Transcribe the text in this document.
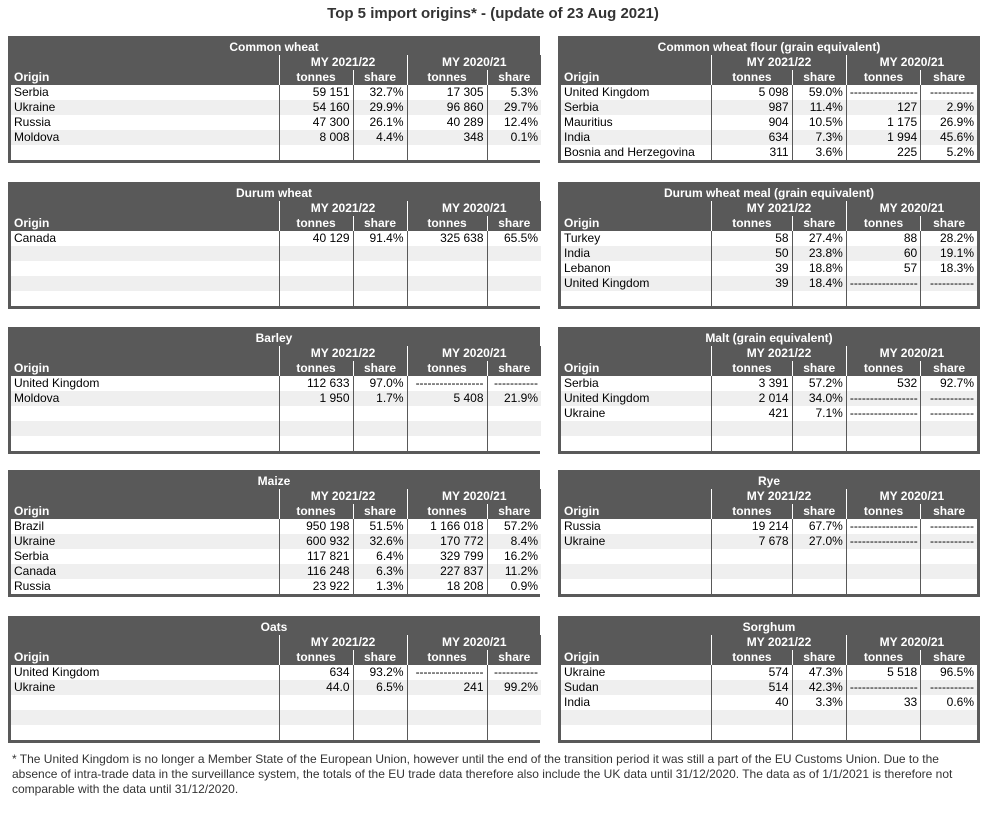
Top 5 import origins* - (update of 23 Aug 2021)
Common wheat
	MY 2021/22		MY 2020/21	
Origin	tonnes	share	tonnes	share
Serbia	59 151	32.7%	17 305	5.3%
Ukraine	54 160	29.9%	96 860	29.7%
Russia	47 300	26.1%	40 289	12.4%
Moldova	8 008	4.4%	348	0.1%

Common wheat flour (grain equivalent)
	MY 2021/22		MY 2020/21	
Origin	tonnes	share	tonnes	share
United Kingdom	5 098	59.0%	-----------------	-----------
Serbia	987	11.4%	127	2.9%
Mauritius	904	10.5%	1 175	26.9%
India	634	7.3%	1 994	45.6%
Bosnia and Herzegovina	311	3.6%	225	5.2%
Durum wheat
	MY 2021/22		MY 2020/21	
Origin	tonnes	share	tonnes	share
Canada	40 129	91.4%	325 638	65.5%

Durum wheat meal (grain equivalent)
	MY 2021/22		MY 2020/21	
Origin	tonnes	share	tonnes	share
Turkey	58	27.4%	88	28.2%
India	50	23.8%	60	19.1%
Lebanon	39	18.8%	57	18.3%
United Kingdom	39	18.4%	-----------------	-----------

Barley
	MY 2021/22		MY 2020/21	
Origin	tonnes	share	tonnes	share
United Kingdom	112 633	97.0%	-----------------	-----------
Moldova	1 950	1.7%	5 408	21.9%

Malt (grain equivalent)
	MY 2021/22		MY 2020/21	
Origin	tonnes	share	tonnes	share
Serbia	3 391	57.2%	532	92.7%
United Kingdom	2 014	34.0%	-----------------	-----------
Ukraine	421	7.1%	-----------------	-----------

Maize
	MY 2021/22		MY 2020/21	
Origin	tonnes	share	tonnes	share
Brazil	950 198	51.5%	1 166 018	57.2%
Ukraine	600 932	32.6%	170 772	8.4%
Serbia	117 821	6.4%	329 799	16.2%
Canada	116 248	6.3%	227 837	11.2%
Russia	23 922	1.3%	18 208	0.9%
Rye
	MY 2021/22		MY 2020/21	
Origin	tonnes	share	tonnes	share
Russia	19 214	67.7%	-----------------	-----------
Ukraine	7 678	27.0%	-----------------	-----------

Oats
	MY 2021/22		MY 2020/21	
Origin	tonnes	share	tonnes	share
United Kingdom	634	93.2%	-----------------	-----------
Ukraine	44.0	6.5%	241	99.2%

Sorghum
	MY 2021/22		MY 2020/21	
Origin	tonnes	share	tonnes	share
Ukraine	574	47.3%	5 518	96.5%
Sudan	514	42.3%	-----------------	-----------
India	40	3.3%	33	0.6%

* The United Kingdom is no longer a Member State of the European Union, however until the end of the transition period it was still a part of the EU Customs Union. Due to the absence of intra-trade data in the surveillance system, the totals of the EU trade data therefore also include the UK data until 31/12/2020. The data as of 1/1/2021 is therefore not comparable with the data until 31/12/2020.
